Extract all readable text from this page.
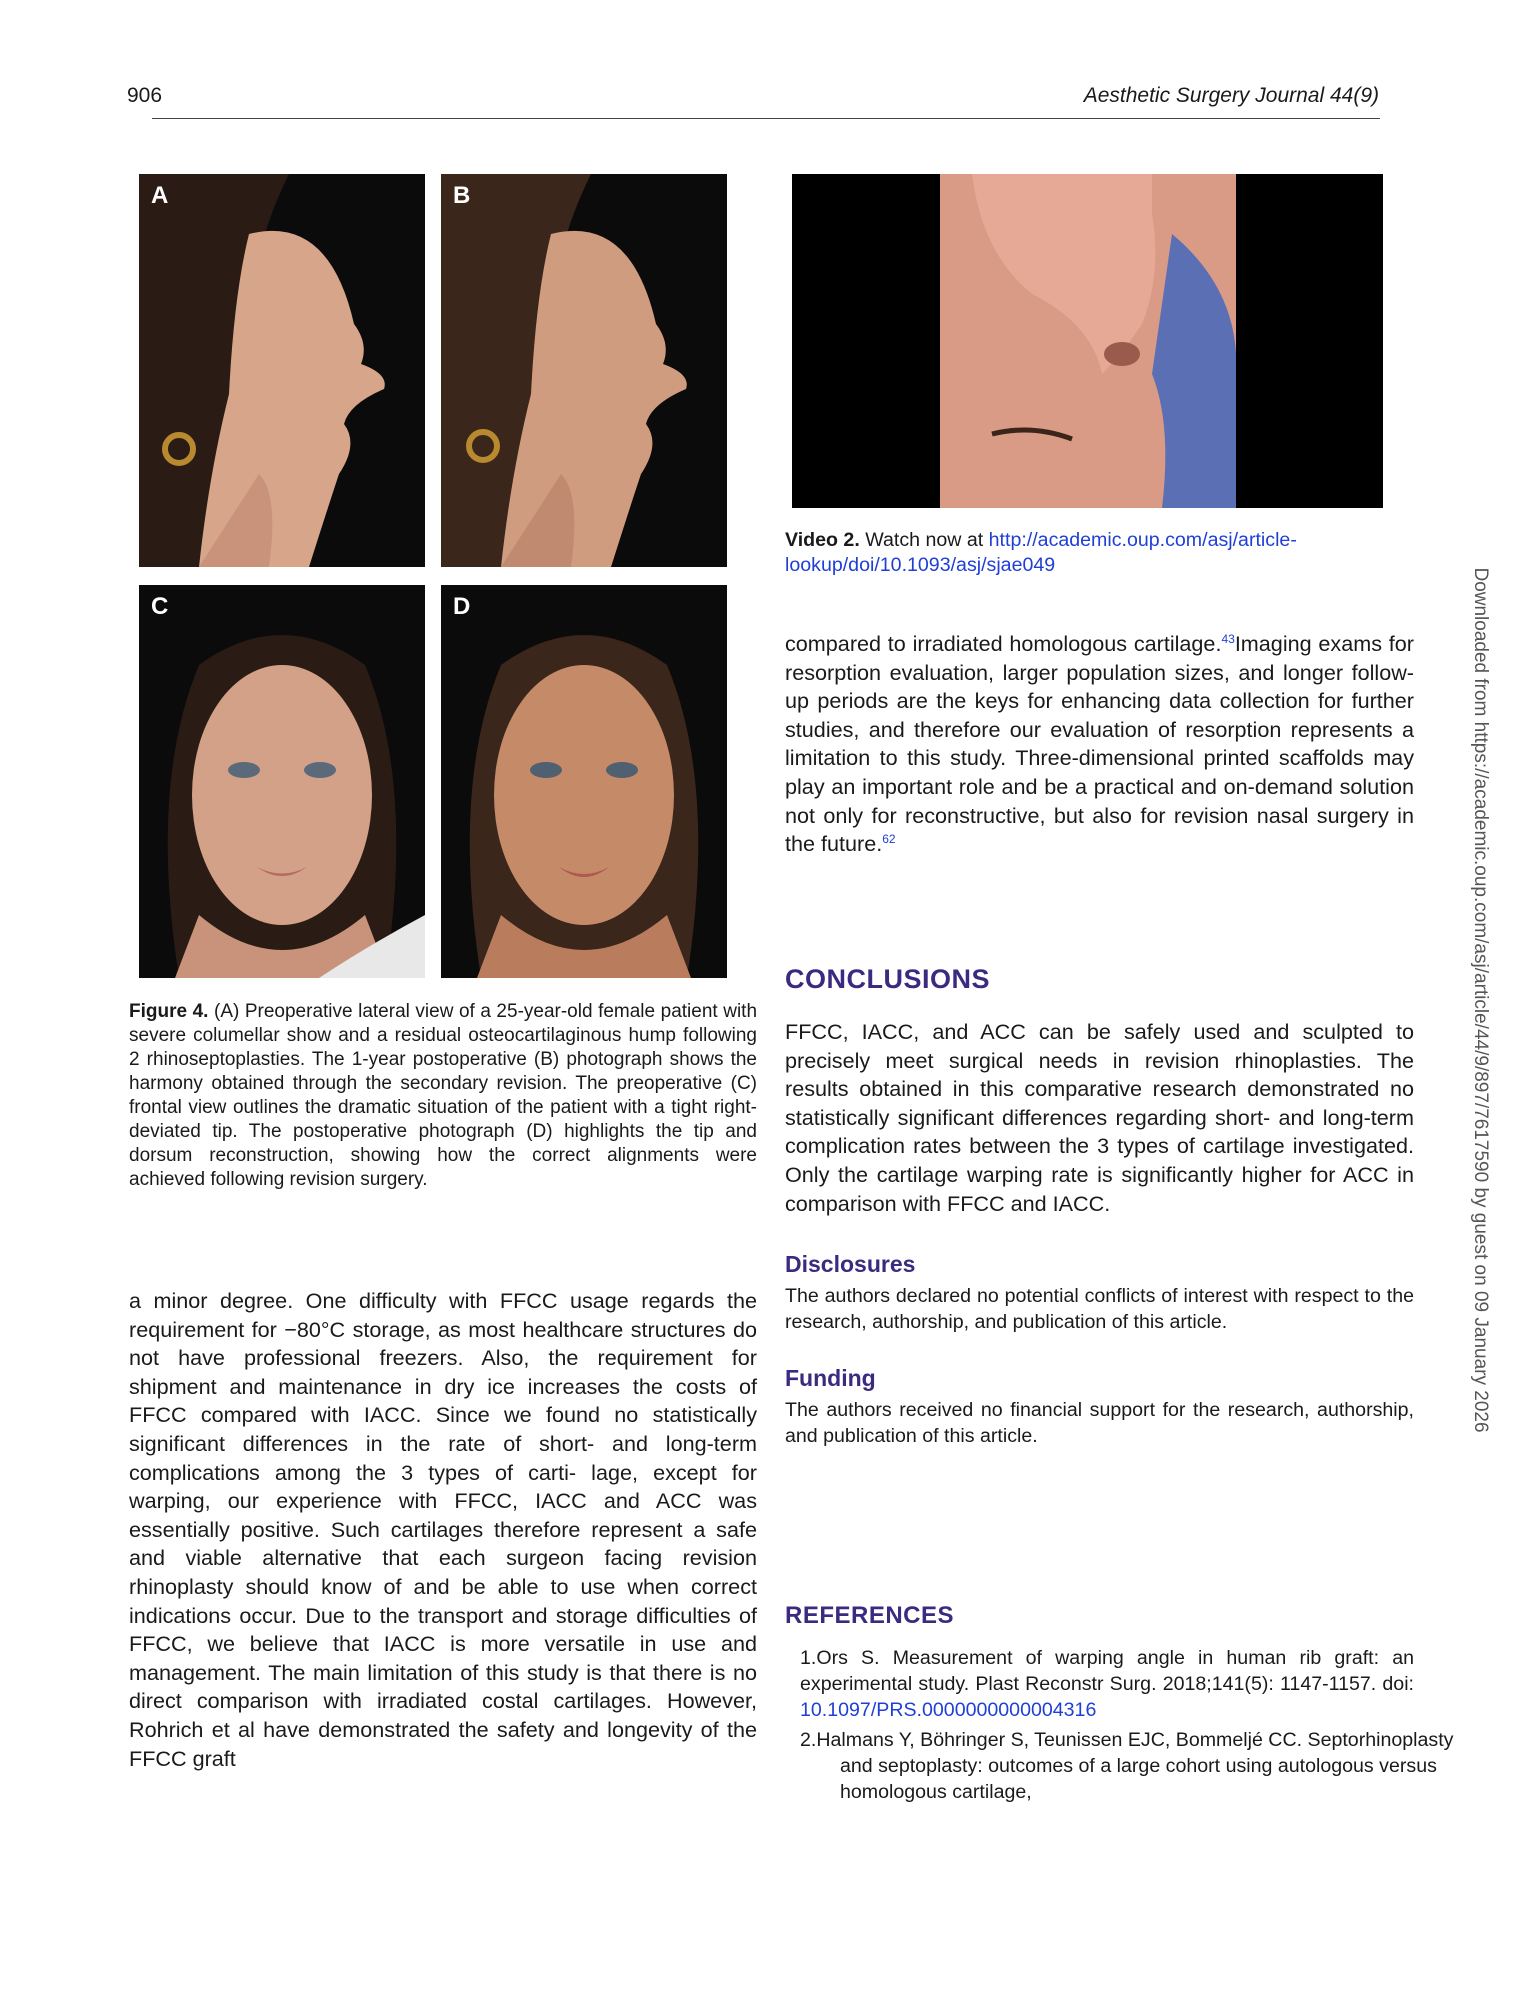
906	Aesthetic Surgery Journal 44(9)
A	B
C	D
Figure 4. (A) Preoperative lateral view of a 25-year-old female patient with severe columellar show and a residual osteocartilaginous hump following 2 rhinoseptoplasties. The 1-year postoperative (B) photograph shows the harmony obtained through the secondary revision. The preoperative (C) frontal view outlines the dramatic situation of the patient with a tight right-deviated tip. The postoperative photograph (D) highlights the tip and dorsum reconstruction, showing how the correct alignments were achieved following revision surgery.
a minor degree. One difficulty with FFCC usage regards the requirement for −80°C storage, as most healthcare structures do not have professional freezers. Also, the requirement for shipment and maintenance in dry ice increases the costs of FFCC compared with IACC. Since we found no statistically significant differences in the rate of short- and long-term complications among the 3 types of carti- lage, except for warping, our experience with FFCC, IACC and ACC was essentially positive. Such cartilages therefore represent a safe and viable alternative that each surgeon facing revision rhinoplasty should know of and be able to use when correct indications occur. Due to the transport and storage difficulties of FFCC, we believe that IACC is more versatile in use and management. The main limitation of this study is that there is no direct comparison with irradiated costal cartilages. However, Rohrich et al have demonstrated the safety and longevity of the FFCC graft
Video 2. Watch now at http://academic.oup.com/asj/article-lookup/doi/10.1093/asj/sjae049
compared to irradiated homologous cartilage.$^{43}$Imaging exams for resorption evaluation, larger population sizes, and longer follow-up periods are the keys for enhancing data collection for further studies, and therefore our evaluation of resorption represents a limitation to this study. Three-dimensional printed scaffolds may play an important role and be a practical and on-demand solution not only for reconstructive, but also for revision nasal surgery in the future.$^{62}$
CONCLUSIONS
FFCC, IACC, and ACC can be safely used and sculpted to precisely meet surgical needs in revision rhinoplasties. The results obtained in this comparative research demonstrated no statistically significant differences regarding short- and long-term complication rates between the 3 types of cartilage investigated. Only the cartilage warping rate is significantly higher for ACC in comparison with FFCC and IACC.
Disclosures
The authors declared no potential conflicts of interest with respect to the research, authorship, and publication of this article.
Funding
The authors received no financial support for the research, authorship, and publication of this article.
REFERENCES
1.Ors S. Measurement of warping angle in human rib graft: an experimental study. Plast Reconstr Surg. 2018;141(5): 1147-1157. doi: 10.1097/PRS.0000000000004316
2.Halmans Y, Böhringer S, Teunissen EJC, Bommeljé CC. Septorhinoplasty and septoplasty: outcomes of a large cohort using autologous versus homologous cartilage,
Downloaded from https://academic.oup.com/asj/article/44/9/897/7617590 by guest on 09 January 2026
